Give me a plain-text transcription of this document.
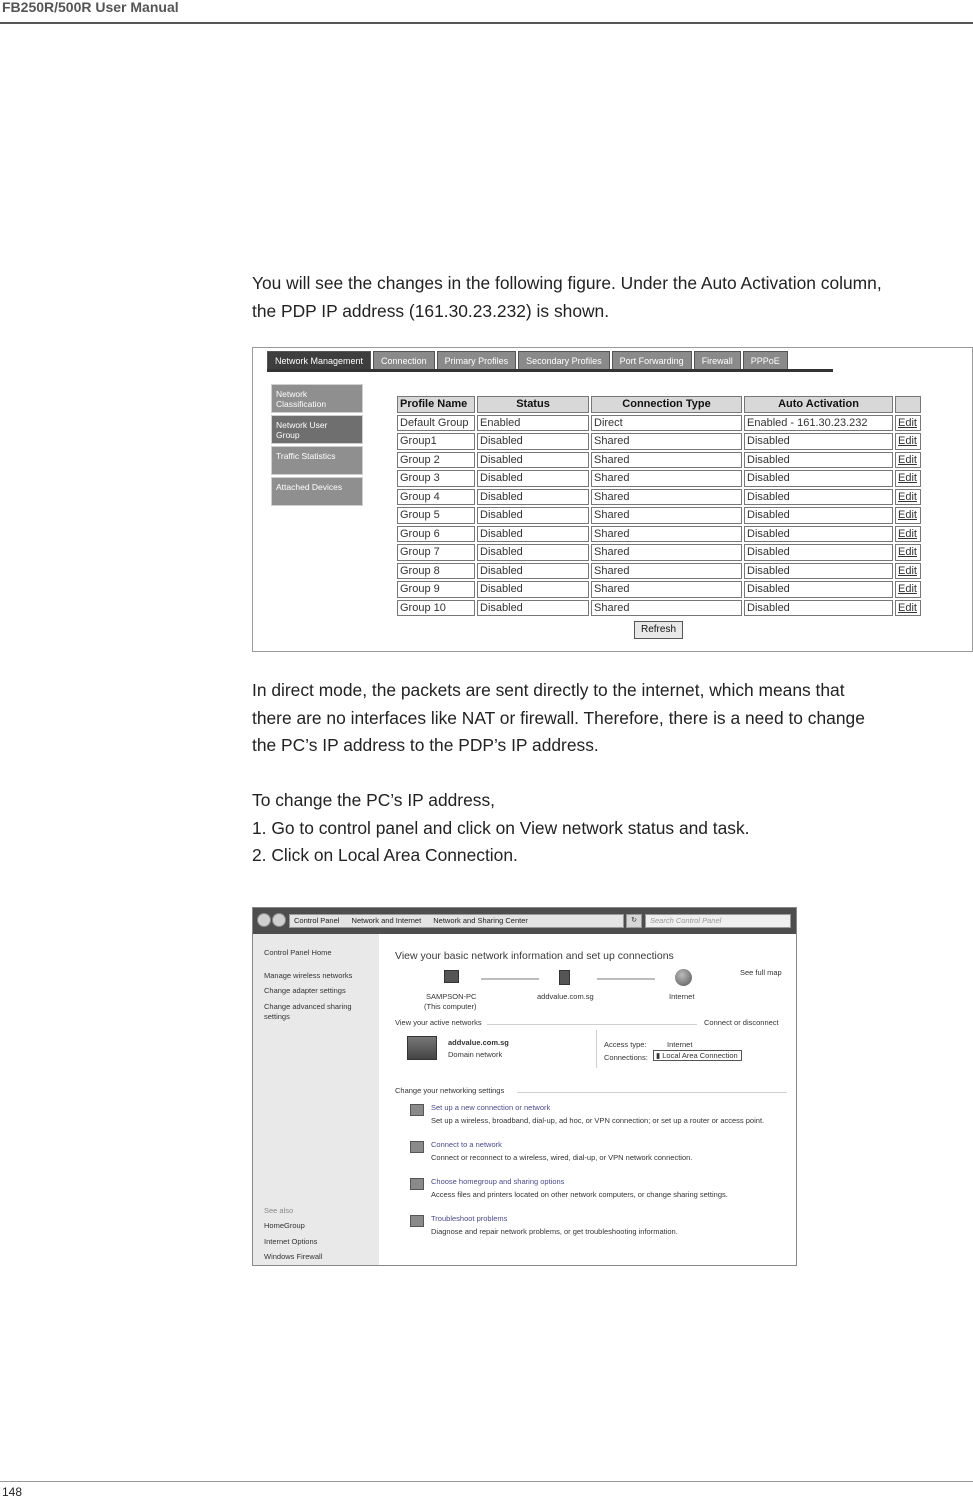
FB250R/500R User Manual
You will see the changes in the following figure. Under the Auto Activation column,
the PDP IP address (161.30.23.232) is shown.
Network Management	Connection	Primary Profiles	Secondary Profiles	Port Forwarding	Firewall	PPPoE
Network
Classification
Network User
Group
Traffic Statistics
Attached Devices
Profile Name	Status	Connection Type	Auto Activation	
Default Group	Enabled	Direct	Enabled - 161.30.23.232	Edit
Group1	Disabled	Shared	Disabled	Edit
Group 2	Disabled	Shared	Disabled	Edit
Group 3	Disabled	Shared	Disabled	Edit
Group 4	Disabled	Shared	Disabled	Edit
Group 5	Disabled	Shared	Disabled	Edit
Group 6	Disabled	Shared	Disabled	Edit
Group 7	Disabled	Shared	Disabled	Edit
Group 8	Disabled	Shared	Disabled	Edit
Group 9	Disabled	Shared	Disabled	Edit
Group 10	Disabled	Shared	Disabled	Edit
Refresh
In direct mode, the packets are sent directly to the internet, which means that
there are no interfaces like NAT or firewall. Therefore, there is a need to change
the PC’s IP address to the PDP’s IP address.
To change the PC’s IP address,
1. Go to control panel and click on View network status and task.
2. Click on Local Area Connection.
Control Panel Network and Internet Network and Sharing Center	↻	Search Control Panel
Control Panel Home
Manage wireless networks
Change adapter settings
Change advanced sharing
settings
See also
HomeGroup
Internet Options
Windows Firewall
View your basic network information and set up connections
See full map
SAMPSON-PC
(This computer)
addvalue.com.sg	Internet
View your active networks	Connect or disconnect
addvalue.com.sg
Domain network
Access type:	Internet
Connections:	▮ Local Area Connection
Change your networking settings
Set up a new connection or network
Set up a wireless, broadband, dial-up, ad hoc, or VPN connection; or set up a router or access point.
Connect to a network
Connect or reconnect to a wireless, wired, dial-up, or VPN network connection.
Choose homegroup and sharing options
Access files and printers located on other network computers, or change sharing settings.
Troubleshoot problems
Diagnose and repair network problems, or get troubleshooting information.
148
